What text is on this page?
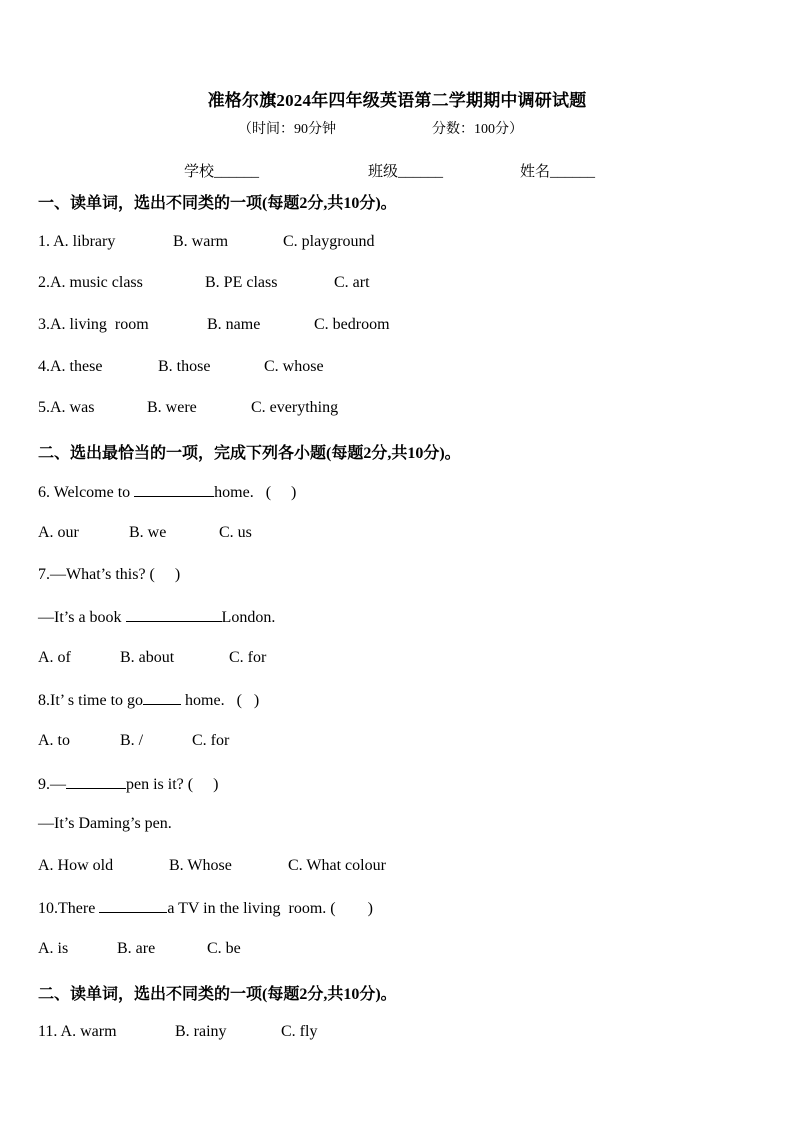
准格尔旗2024年四年级英语第二学期期中调研试题
（时间：90分钟	分数：100分）
学校______	班级______	姓名______
一、读单词，选出不同类的一项(每题2分,共10分)。
1. A. library	B. warm	C. playground
2.A. music class	B. PE class	C. art
3.A. living  room	B. name	C. bedroom
4.A. these	B. those	C. whose
5.A. was	B. were	C. everything
二、选出最恰当的一项，完成下列各小题(每题2分,共10分)。
6. Welcome to	home. (     )
A. our	B. we	C. us
7.—What’s this? (     )
—It’s a book	London.
A. of	B. about	C. for
8.It’ s time to go home. (   )
A. to	B. /	C. for
9.—	pen is it? (     )
—It’s Daming’s pen.
A. How old	B. Whose	C. What colour
10.There	a TV in the living  room. (        )
A. is	B. are	C. be
二、读单词，选出不同类的一项(每题2分,共10分)。
11. A. warm	B. rainy	C. fly
